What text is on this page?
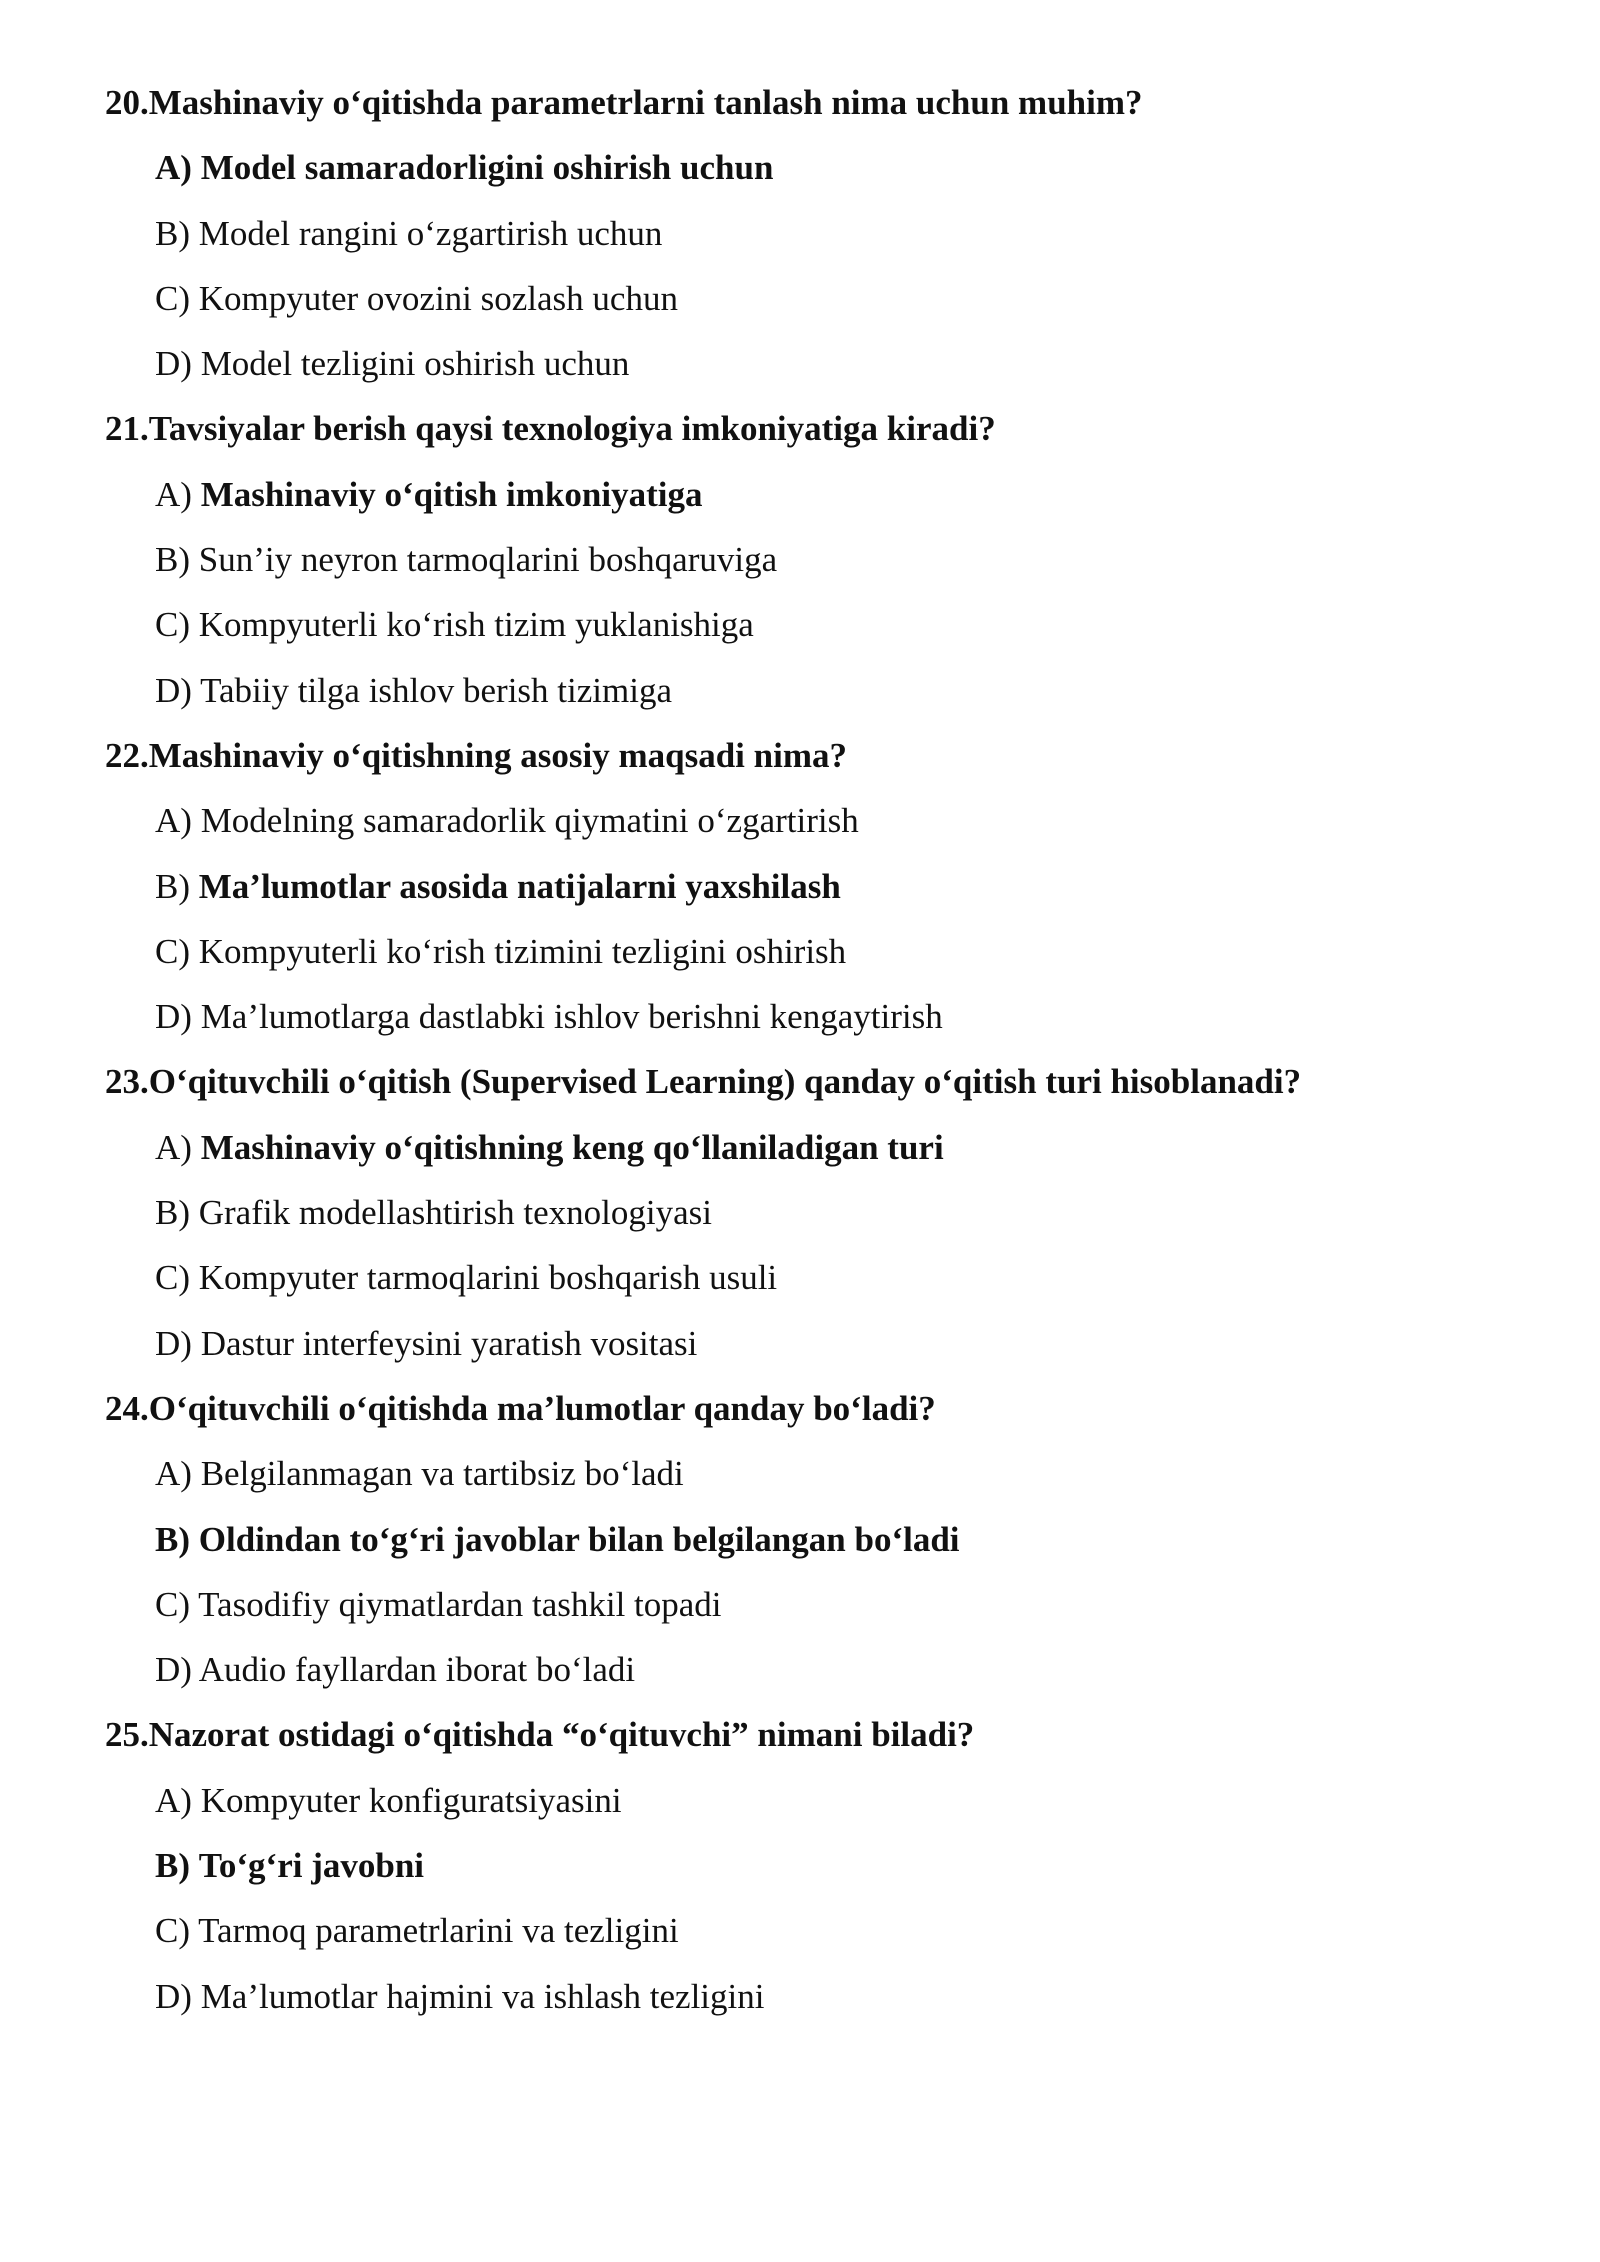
20.Mashinaviy o‘qitishda parametrlarni tanlash nima uchun muhim?
A) Model samaradorligini oshirish uchun
B) Model rangini o‘zgartirish uchun
C) Kompyuter ovozini sozlash uchun
D) Model tezligini oshirish uchun
21.Tavsiyalar berish qaysi texnologiya imkoniyatiga kiradi?
A) Mashinaviy o‘qitish imkoniyatiga
B) Sun’iy neyron tarmoqlarini boshqaruviga
C) Kompyuterli ko‘rish tizim yuklanishiga
D) Tabiiy tilga ishlov berish tizimiga
22.Mashinaviy o‘qitishning asosiy maqsadi nima?
A) Modelning samaradorlik qiymatini o‘zgartirish
B) Ma’lumotlar asosida natijalarni yaxshilash
C) Kompyuterli ko‘rish tizimini tezligini oshirish
D) Ma’lumotlarga dastlabki ishlov berishni kengaytirish
23.O‘qituvchili o‘qitish (Supervised Learning) qanday o‘qitish turi hisoblanadi?
A) Mashinaviy o‘qitishning keng qo‘llaniladigan turi
B) Grafik modellashtirish texnologiyasi
C) Kompyuter tarmoqlarini boshqarish usuli
D) Dastur interfeysini yaratish vositasi
24.O‘qituvchili o‘qitishda ma’lumotlar qanday bo‘ladi?
A) Belgilanmagan va tartibsiz bo‘ladi
B) Oldindan to‘g‘ri javoblar bilan belgilangan bo‘ladi
C) Tasodifiy qiymatlardan tashkil topadi
D) Audio fayllardan iborat bo‘ladi
25.Nazorat ostidagi o‘qitishda “o‘qituvchi” nimani biladi?
A) Kompyuter konfiguratsiyasini
B) To‘g‘ri javobni
C) Tarmoq parametrlarini va tezligini
D) Ma’lumotlar hajmini va ishlash tezligini
